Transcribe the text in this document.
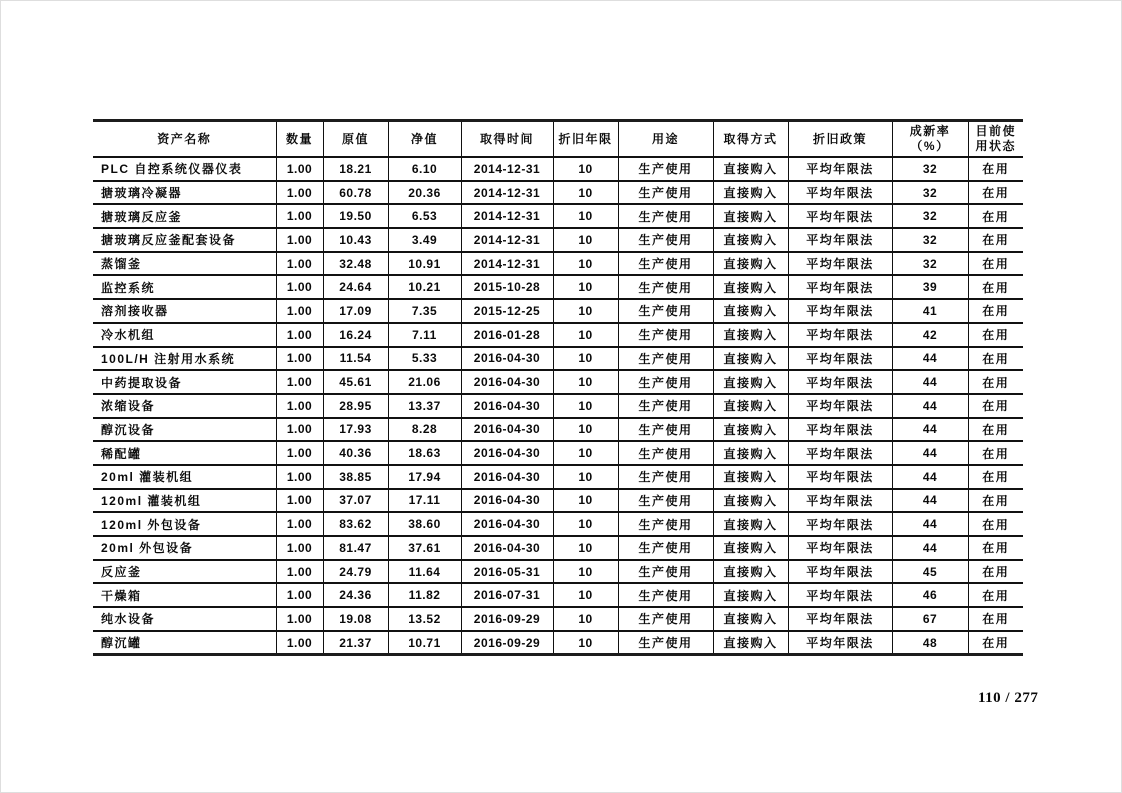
资产名称	数量	原值	净值	取得时间	折旧年限	用途	取得方式	折旧政策	成新率（%）	目前使用状态
PLC 自控系统仪器仪表	1.00	18.21	6.10	2014-12-31	10	生产使用	直接购入	平均年限法	32	在用
搪玻璃冷凝器	1.00	60.78	20.36	2014-12-31	10	生产使用	直接购入	平均年限法	32	在用
搪玻璃反应釜	1.00	19.50	6.53	2014-12-31	10	生产使用	直接购入	平均年限法	32	在用
搪玻璃反应釜配套设备	1.00	10.43	3.49	2014-12-31	10	生产使用	直接购入	平均年限法	32	在用
蒸馏釜	1.00	32.48	10.91	2014-12-31	10	生产使用	直接购入	平均年限法	32	在用
监控系统	1.00	24.64	10.21	2015-10-28	10	生产使用	直接购入	平均年限法	39	在用
溶剂接收器	1.00	17.09	7.35	2015-12-25	10	生产使用	直接购入	平均年限法	41	在用
冷水机组	1.00	16.24	7.11	2016-01-28	10	生产使用	直接购入	平均年限法	42	在用
100L/H 注射用水系统	1.00	11.54	5.33	2016-04-30	10	生产使用	直接购入	平均年限法	44	在用
中药提取设备	1.00	45.61	21.06	2016-04-30	10	生产使用	直接购入	平均年限法	44	在用
浓缩设备	1.00	28.95	13.37	2016-04-30	10	生产使用	直接购入	平均年限法	44	在用
醇沉设备	1.00	17.93	8.28	2016-04-30	10	生产使用	直接购入	平均年限法	44	在用
稀配罐	1.00	40.36	18.63	2016-04-30	10	生产使用	直接购入	平均年限法	44	在用
20ml 灌装机组	1.00	38.85	17.94	2016-04-30	10	生产使用	直接购入	平均年限法	44	在用
120ml 灌装机组	1.00	37.07	17.11	2016-04-30	10	生产使用	直接购入	平均年限法	44	在用
120ml 外包设备	1.00	83.62	38.60	2016-04-30	10	生产使用	直接购入	平均年限法	44	在用
20ml 外包设备	1.00	81.47	37.61	2016-04-30	10	生产使用	直接购入	平均年限法	44	在用
反应釜	1.00	24.79	11.64	2016-05-31	10	生产使用	直接购入	平均年限法	45	在用
干燥箱	1.00	24.36	11.82	2016-07-31	10	生产使用	直接购入	平均年限法	46	在用
纯水设备	1.00	19.08	13.52	2016-09-29	10	生产使用	直接购入	平均年限法	67	在用
醇沉罐	1.00	21.37	10.71	2016-09-29	10	生产使用	直接购入	平均年限法	48	在用
110 / 277
